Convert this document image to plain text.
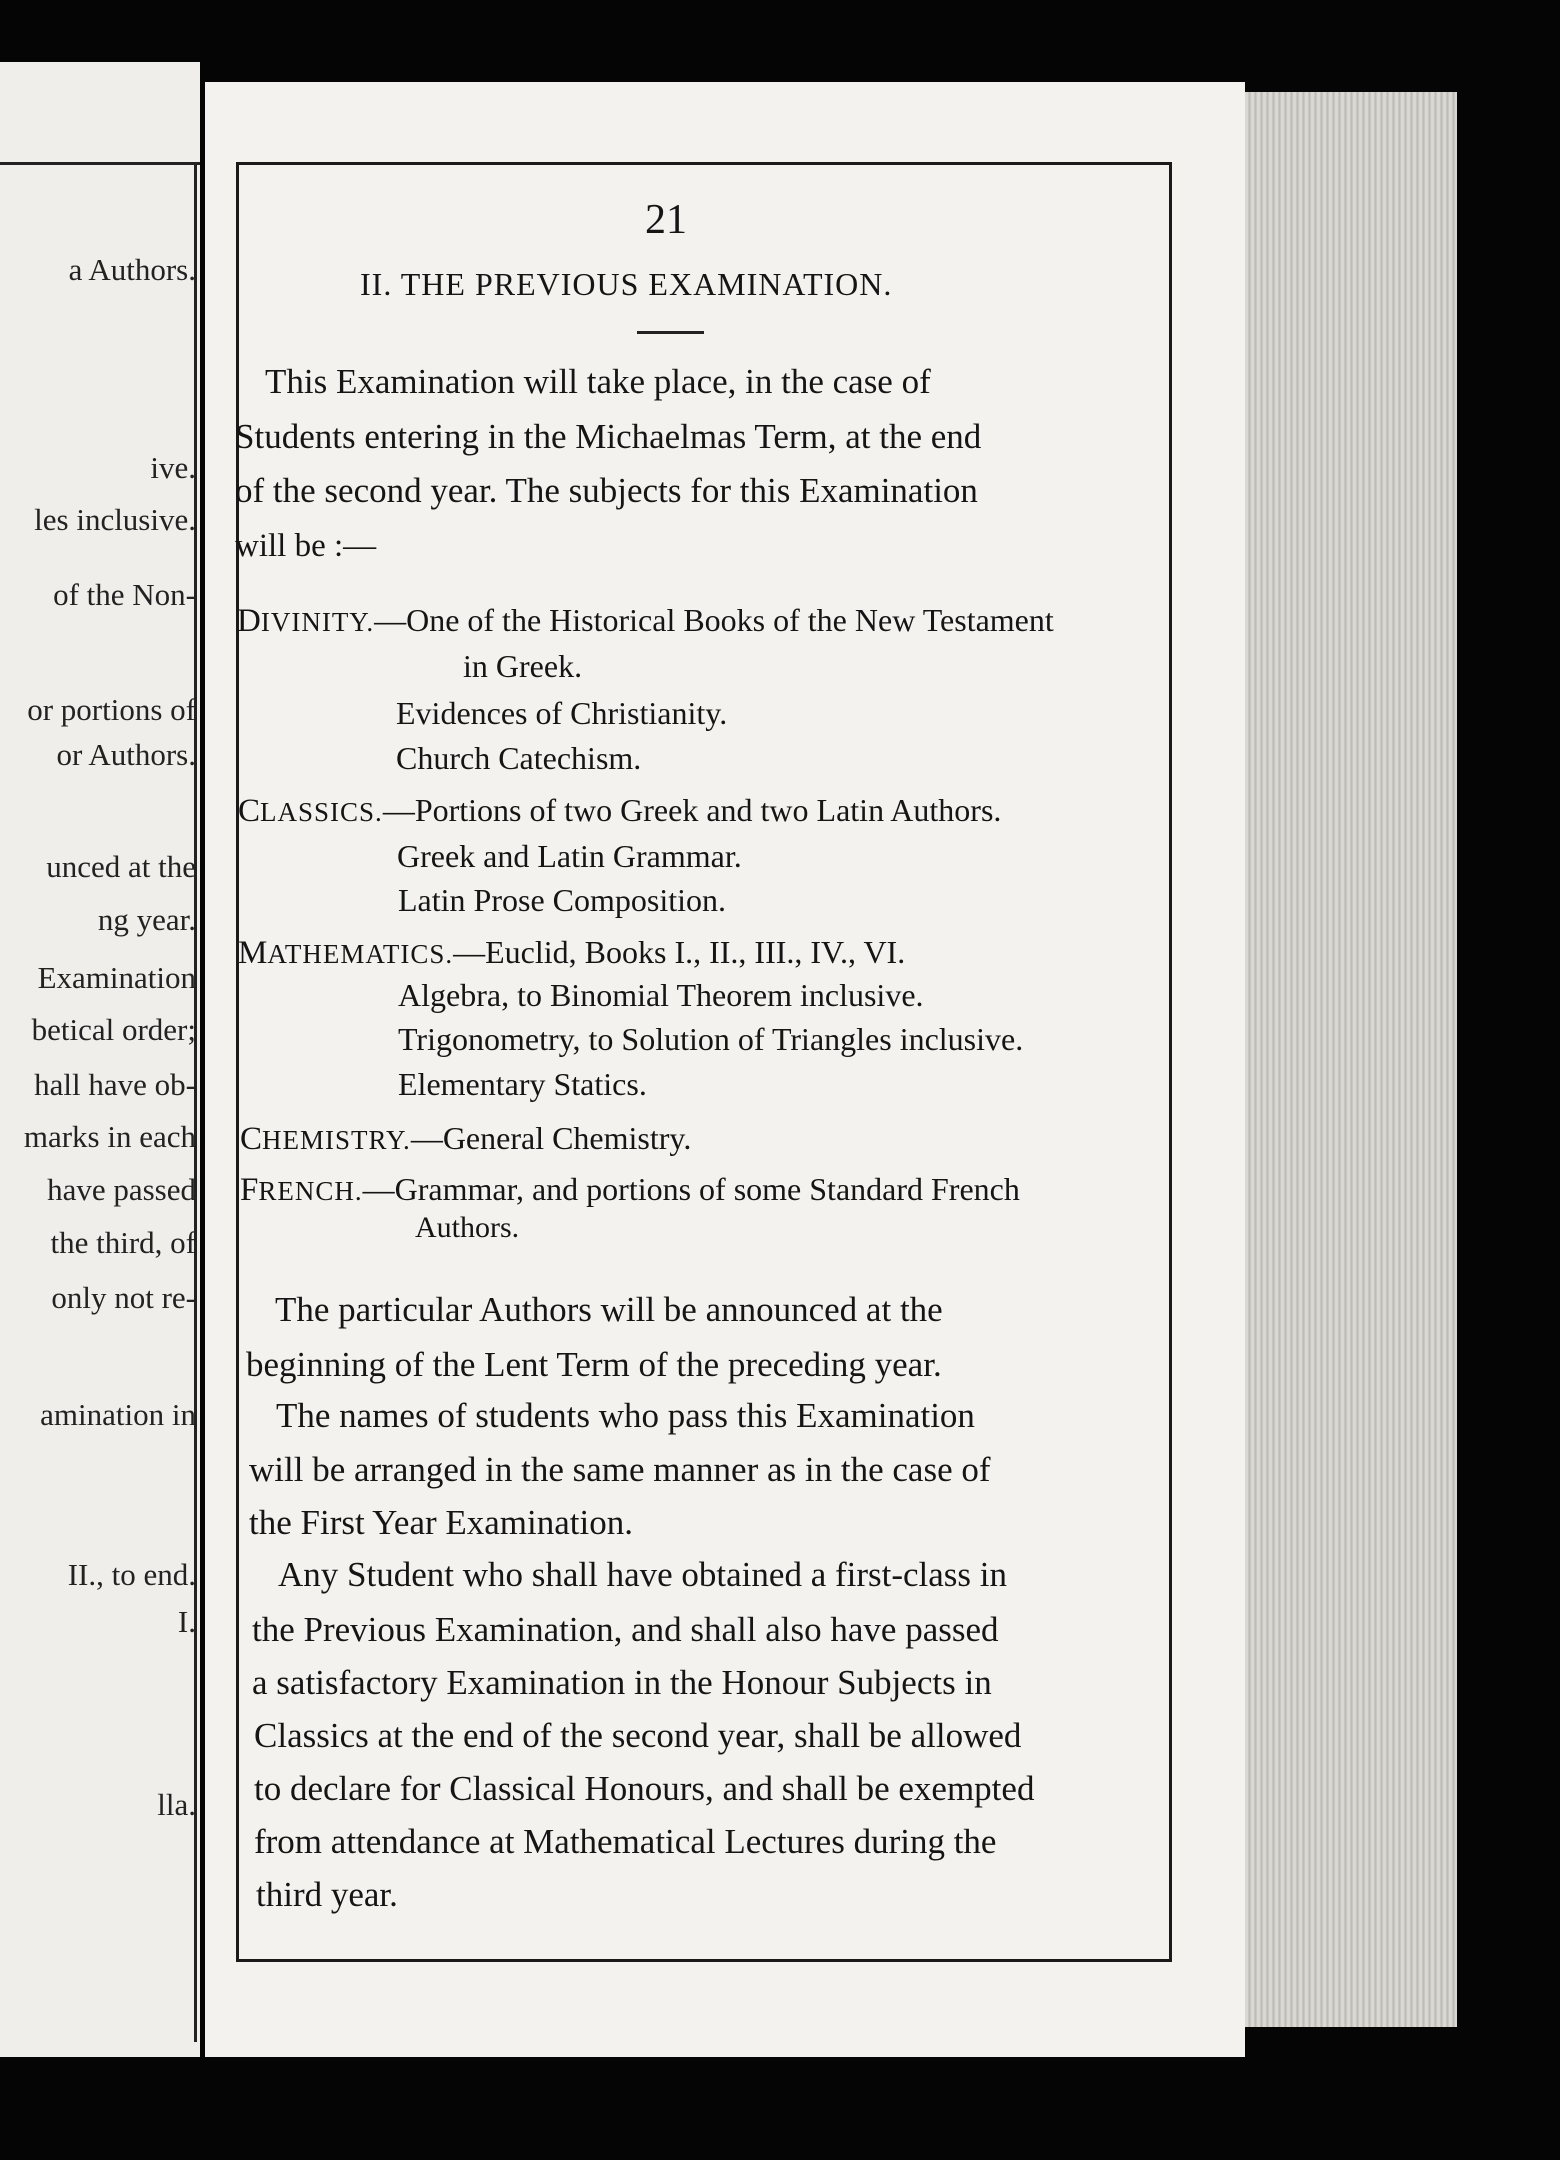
a Authors.
ive.
les inclusive.
of the Non-
or portions of
or Authors.
unced at the
ng year.
Examination
betical order;
hall have ob-
marks in each
have passed
the third, of
only not re-
amination in
II., to end.
I.
lla.
21
II. THE PREVIOUS EXAMINATION.
This Examination will take place, in the case of
Students entering in the Michaelmas Term, at the end
of the second year. The subjects for this Examination
will be :—
DIVINITY.—One of the Historical Books of the New Testament
in Greek.
Evidences of Christianity.
Church Catechism.
CLASSICS.—Portions of two Greek and two Latin Authors.
Greek and Latin Grammar.
Latin Prose Composition.
MATHEMATICS.—Euclid, Books I., II., III., IV., VI.
Algebra, to Binomial Theorem inclusive.
Trigonometry, to Solution of Triangles inclusive.
Elementary Statics.
CHEMISTRY.—General Chemistry.
FRENCH.—Grammar, and portions of some Standard French
Authors.
The particular Authors will be announced at the
beginning of the Lent Term of the preceding year.
The names of students who pass this Examination
will be arranged in the same manner as in the case of
the First Year Examination.
Any Student who shall have obtained a first-class in
the Previous Examination, and shall also have passed
a satisfactory Examination in the Honour Subjects in
Classics at the end of the second year, shall be allowed
to declare for Classical Honours, and shall be exempted
from attendance at Mathematical Lectures during the
third year.
